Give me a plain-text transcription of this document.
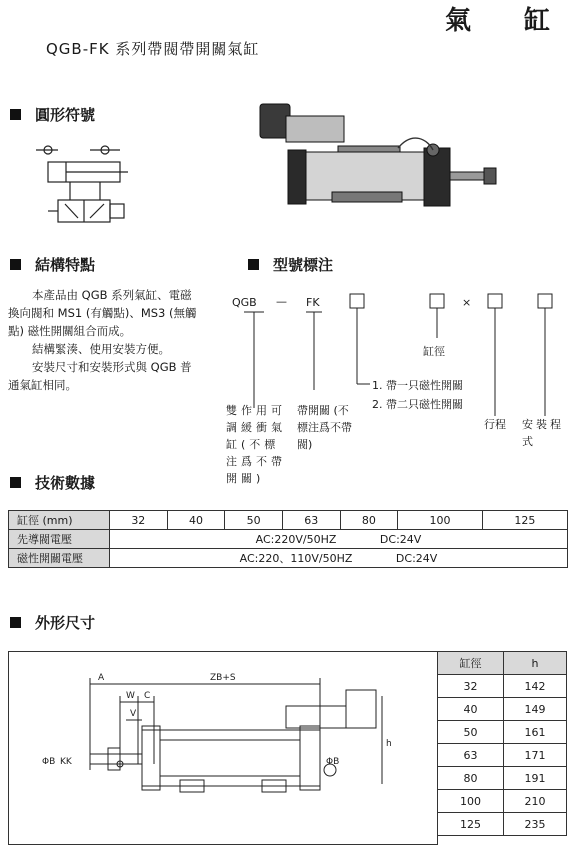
氣 缸
QGB-FK 系列帶閥帶開關氣缸
圓形符號
結構特點

本產品由 QGB 系列氣缸、電磁換向閥和 MS1 (有觸點)、MS3 (無觸點) 磁性開關組合而成。

結構緊湊、使用安裝方便。

安裝尺寸和安裝形式與 QGB 普通氣缸相同。

型號標注
QGB — FK	×
缸徑
1. 帶一只磁性開關
2. 帶二只磁性開關
雙作用可調緩衝氣缸(不標注爲不帶開關)
帶開關 (不標注爲不帶閥)
行程 安裝程式
技術數據
缸徑 (mm)	32	40	50	63	80	100	125
先導閥電壓	AC:220V/50HZ DC:24V						
磁性開關電壓	AC:220、110V/50HZ DC:24V						
外形尺寸
A
W C
V
ZB+S
ΦB KK	ΦB
h
缸徑	h
32	142
40	149
50	161
63	171
80	191
100	210
125	235
